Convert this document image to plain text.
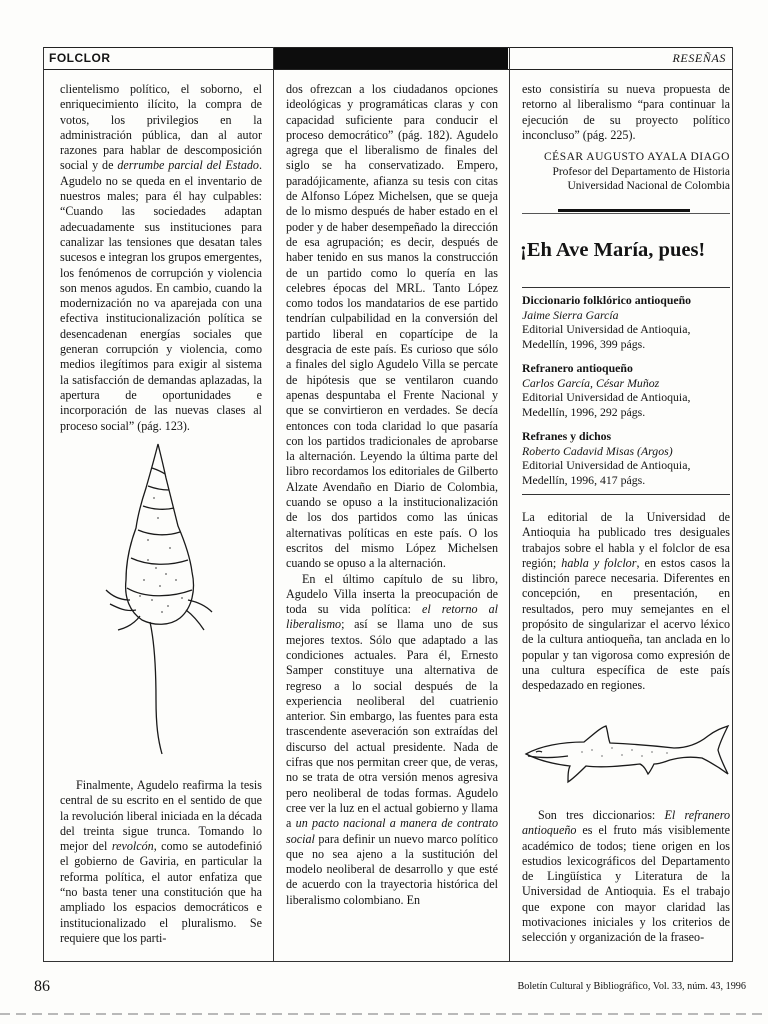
FOLCLOR	RESEÑAS

clientelismo político, el soborno, el enriquecimiento ilícito, la compra de votos, los privilegios en la administración pública, dan al autor razones para hablar de descomposición social y de derrumbe parcial del Estado. Agudelo no se queda en el inventario de nuestros males; para él hay culpables: “Cuando las sociedades adaptan adecuadamente sus instituciones para canalizar las tensiones que desatan tales sucesos e integran los grupos emergentes, los fenómenos de corrupción y violencia son menos agudos. En cambio, cuando la modernización no va aparejada con una efectiva institucionalización política se desencadenan energías sociales que generan corrupción y violencia, como medios ilegítimos para exigir al sistema la satisfacción de demandas aplazadas, la apertura de oportunidades e incorporación de las nuevas clases al proceso social” (pág. 123).

Finalmente, Agudelo reafirma la tesis central de su escrito en el sentido de que la revolución liberal iniciada en la década del treinta sigue trunca. Tomando lo mejor del revolcón, como se autodefinió el gobierno de Gaviria, en particular la reforma política, el autor enfatiza que “no basta tener una constitución que ha ampliado los espacios democráticos e institucionalizado el pluralismo. Se requiere que los parti-

dos ofrezcan a los ciudadanos opciones ideológicas y programáticas claras y con capacidad suficiente para conducir el proceso democrático” (pág. 182). Agudelo agrega que el liberalismo de finales del siglo se ha conservatizado. Empero, paradójicamente, afianza su tesis con citas de Alfonso López Michelsen, que se queja de lo mismo después de haber estado en el poder y de haber desempeñado la dirección de esa agrupación; es decir, después de haber tenido en sus manos la construcción de un partido como lo quería en las celebres épocas del MRL. Tanto López como todos los mandatarios de ese partido tendrían culpabilidad en la conversión del partido liberal en copartícipe de la desgracia de este país. Es curioso que sólo a finales del siglo Agudelo Villa se percate de hipótesis que se ventilaron cuando apenas despuntaba el Frente Nacional y que se convirtieron en verdades. Se decía entonces con toda claridad lo que pasaría con los partidos tradicionales de aprobarse la alternación. Leyendo la última parte del libro recordamos los editoriales de Gilberto Alzate Avendaño en Diario de Colombia, cuando se opuso a la institucionalización de los dos partidos como las únicas alternativas políticas en este país. O los escritos del mismo López Michelsen cuando se opuso a la alternación.

En el último capítulo de su libro, Agudelo Villa inserta la preocupación de toda su vida política: el retorno al liberalismo; así se llama uno de sus mejores textos. Sólo que adaptado a las condiciones actuales. Para él, Ernesto Samper constituye una alternativa de regreso a lo social después de la experiencia neoliberal del cuatrienio anterior. Sin embargo, las fuentes para esta trascendente aseveración son extraídas del discurso del actual presidente. Nada de cifras que nos permitan creer que, de veras, no se trata de otra versión menos agresiva pero neoliberal de todas formas. Agudelo cree ver la luz en el actual gobierno y llama a un pacto nacional a manera de contrato social para definir un nuevo marco político que no sea ajeno a la sustitución del modelo neoliberal de desarrollo y que esté de acuerdo con la trayectoria histórica del liberalismo colombiano. En

esto consistiría su nueva propuesta de retorno al liberalismo “para continuar la ejecución de su proyecto político inconcluso” (pág. 225).

CÉSAR AUGUSTO AYALA DIAGO

Profesor del Departamento de Historia

Universidad Nacional de Colombia

¡Eh Ave María, pues!
Diccionario folklórico antioqueño
Jaime Sierra García
Editorial Universidad de Antioquia,
Medellín, 1996, 399 págs.
Refranero antioqueño
Carlos García, César Muñoz
Editorial Universidad de Antioquia,
Medellín, 1996, 292 págs.
Refranes y dichos
Roberto Cadavid Misas (Argos)
Editorial Universidad de Antioquia,
Medellín, 1996, 417 págs.

La editorial de la Universidad de Antioquia ha publicado tres desiguales trabajos sobre el habla y el folclor de esa región; habla y folclor, en estos casos la distinción parece necesaria. Diferentes en concepción, en presentación, en resultados, pero muy semejantes en el propósito de singularizar el acervo léxico de la cultura antioqueña, tan anclada en lo popular y tan vigorosa como expresión de una cultura específica de este país despedazado en regiones.

Son tres diccionarios: El refranero antioqueño es el fruto más visiblemente académico de todos; tiene origen en los estudios lexicográficos del Departamento de Lingüística y Literatura de la Universidad de Antioquia. Es el trabajo que expone con mayor claridad las motivaciones iniciales y los criterios de selección y organización de la fraseo-

86	Boletín Cultural y Bibliográfico, Vol. 33, núm. 43, 1996
